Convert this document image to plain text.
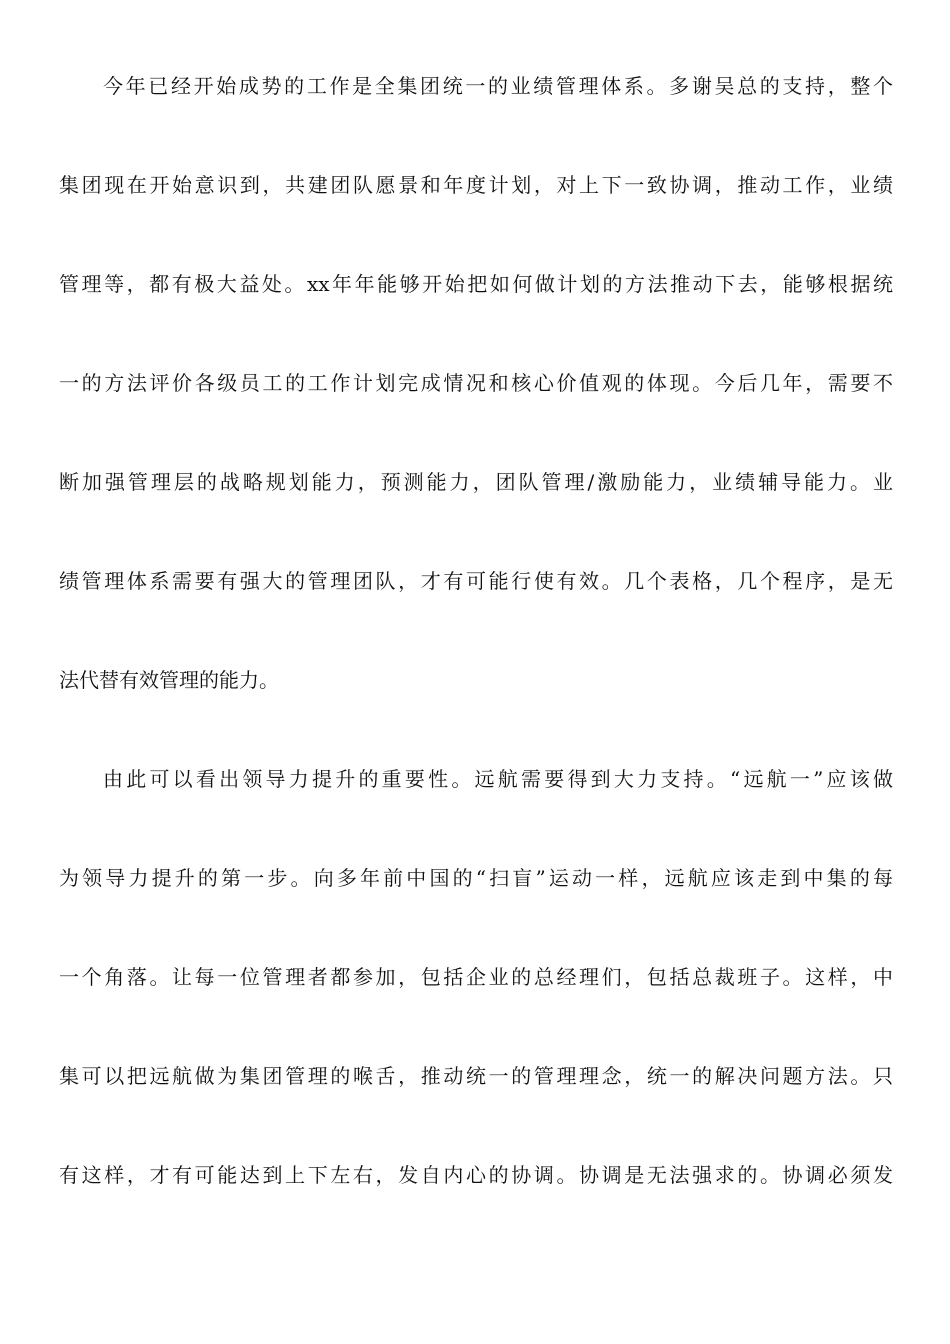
今年已经开始成势的工作是全集团统一的业绩管理体系。多谢吴总的支持，整个
集团现在开始意识到，共建团队愿景和年度计划，对上下一致协调，推动工作，业绩
管理等，都有极大益处。xx年年能够开始把如何做计划的方法推动下去，能够根据统
一的方法评价各级员工的工作计划完成情况和核心价值观的体现。今后几年，需要不
断加强管理层的战略规划能力，预测能力，团队管理/激励能力，业绩辅导能力。业
绩管理体系需要有强大的管理团队，才有可能行使有效。几个表格，几个程序，是无
法代替有效管理的能力。
由此可以看出领导力提升的重要性。远航需要得到大力支持。“远航一”应该做
为领导力提升的第一步。向多年前中国的“扫盲”运动一样，远航应该走到中集的每
一个角落。让每一位管理者都参加，包括企业的总经理们，包括总裁班子。这样，中
集可以把远航做为集团管理的喉舌，推动统一的管理理念，统一的解决问题方法。只
有这样，才有可能达到上下左右，发自内心的协调。协调是无法强求的。协调必须发
